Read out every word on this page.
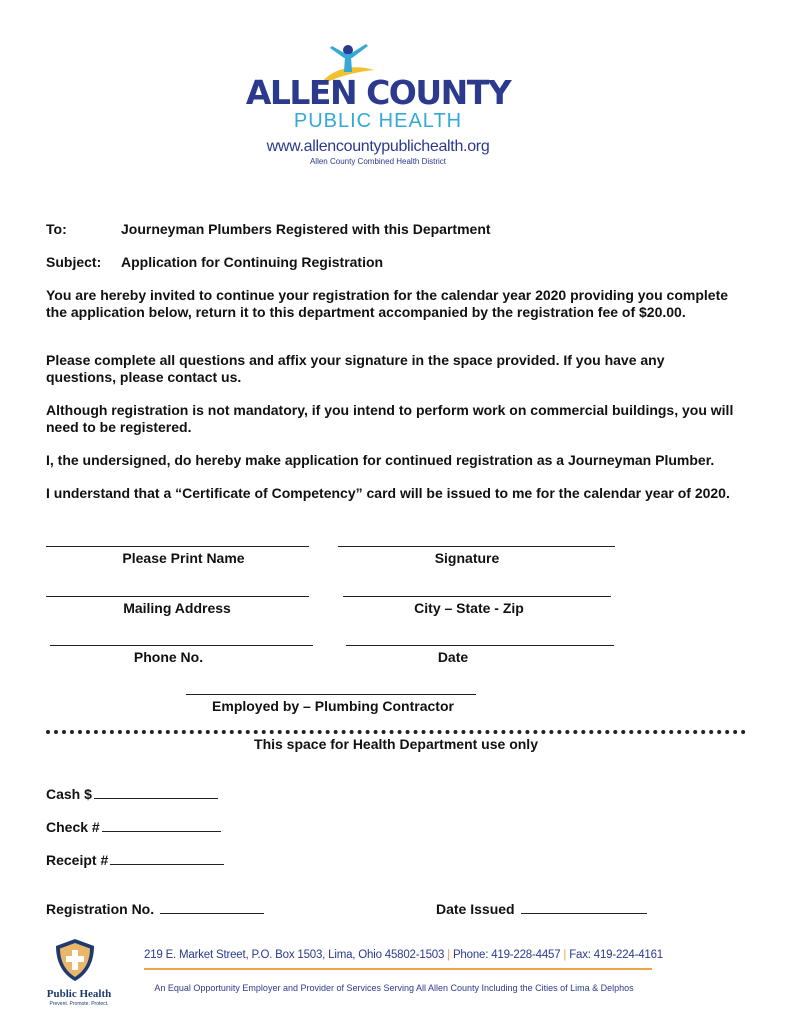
ALLEN COUNTY
PUBLIC HEALTH
www.allencountypublichealth.org
Allen County Combined Health District
To:	Journeyman Plumbers Registered with this Department
Subject: Application for Continuing Registration
You are hereby invited to continue your registration for the calendar year 2020 providing you complete the application below, return it to this department accompanied by the registration fee of $20.00.
Please complete all questions and affix your signature in the space provided. If you have any questions, please contact us.
Although registration is not mandatory, if you intend to perform work on commercial buildings, you will need to be registered.
I, the undersigned, do hereby make application for continued registration as a Journeyman Plumber.
I understand that a “Certificate of Competency” card will be issued to me for the calendar year of 2020.
Please Print Name	Signature
Mailing Address	City – State - Zip
Phone No.	Date
Employed by – Plumbing Contractor
This space for Health Department use only
Cash $
Check #
Receipt #
Registration No.	Date Issued
Public Health
Prevent. Promote. Protect.
219 E. Market Street, P.O. Box 1503, Lima, Ohio 45802-1503 | Phone: 419-228-4457 | Fax: 419-224-4161
An Equal Opportunity Employer and Provider of Services Serving All Allen County Including the Cities of Lima & Delphos
